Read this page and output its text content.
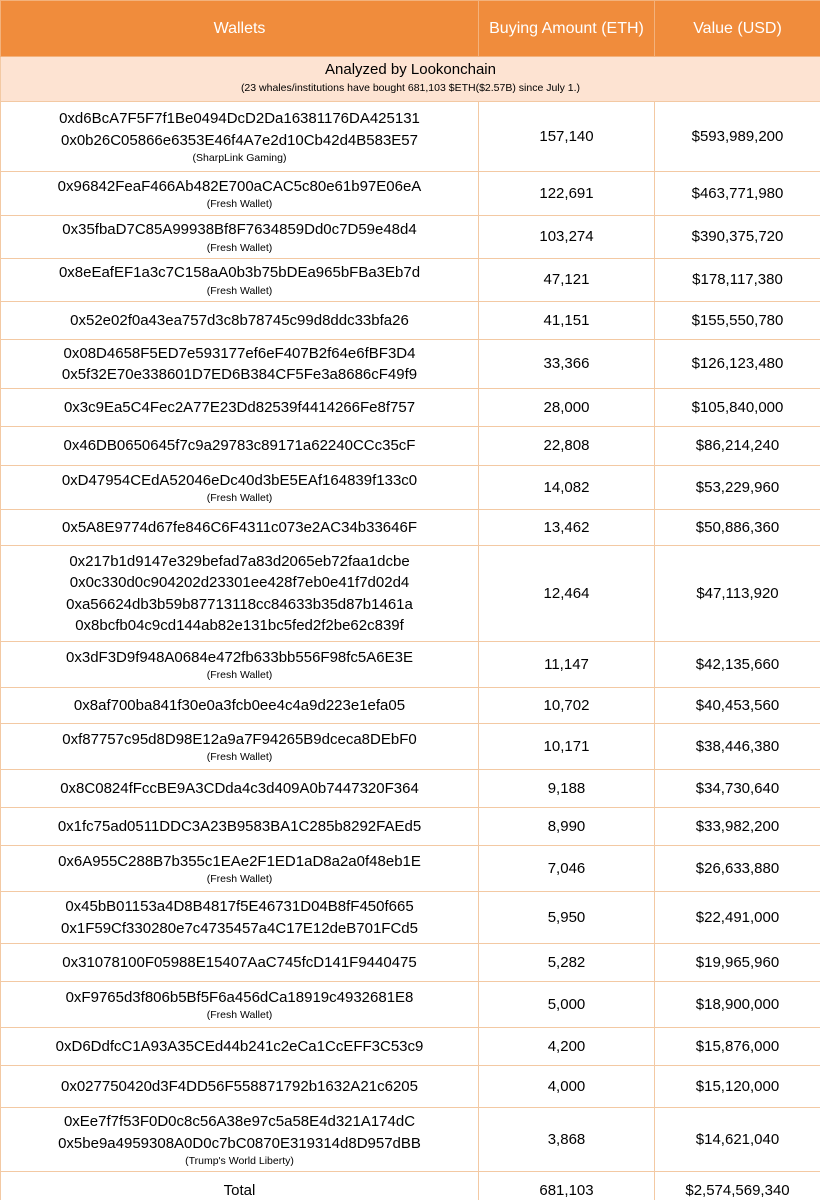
Wallets	Buying Amount (ETH)	Value (USD)

Analyzed by Lookonchain
(23 whales/institutions have bought 681,103 $ETH($2.57B) since July 1.)		

0xd6BcA7F5F7f1Be0494DcD2Da16381176DA425131
0x0b26C05866e6353E46f4A7e2d10Cb42d4B583E57
(SharpLink Gaming)	157,140	$593,989,200

0x96842FeaF466Ab482E700aCAC5c80e61b97E06eA
(Fresh Wallet)	122,691	$463,771,980

0x35fbaD7C85A99938Bf8F7634859Dd0c7D59e48d4
(Fresh Wallet)	103,274	$390,375,720

0x8eEafEF1a3c7C158aA0b3b75bDEa965bFBa3Eb7d
(Fresh Wallet)	47,121	$178,117,380

0x52e02f0a43ea757d3c8b78745c99d8ddc33bfa26	41,151	$155,550,780

0x08D4658F5ED7e593177ef6eF407B2f64e6fBF3D4
0x5f32E70e338601D7ED6B384CF5Fe3a8686cF49f9	33,366	$126,123,480

0x3c9Ea5C4Fec2A77E23Dd82539f4414266Fe8f757	28,000	$105,840,000

0x46DB0650645f7c9a29783c89171a62240CCc35cF	22,808	$86,214,240

0xD47954CEdA52046eDc40d3bE5EAf164839f133c0
(Fresh Wallet)	14,082	$53,229,960

0x5A8E9774d67fe846C6F4311c073e2AC34b33646F	13,462	$50,886,360

0x217b1d9147e329befad7a83d2065eb72faa1dcbe
0x0c330d0c904202d23301ee428f7eb0e41f7d02d4
0xa56624db3b59b87713118cc84633b35d87b1461a
0x8bcfb04c9cd144ab82e131bc5fed2f2be62c839f	12,464	$47,113,920

0x3dF3D9f948A0684e472fb633bb556F98fc5A6E3E
(Fresh Wallet)	11,147	$42,135,660

0x8af700ba841f30e0a3fcb0ee4c4a9d223e1efa05	10,702	$40,453,560

0xf87757c95d8D98E12a9a7F94265B9dceca8DEbF0
(Fresh Wallet)	10,171	$38,446,380

0x8C0824fFccBE9A3CDda4c3d409A0b7447320F364	9,188	$34,730,640

0x1fc75ad0511DDC3A23B9583BA1C285b8292FAEd5	8,990	$33,982,200

0x6A955C288B7b355c1EAe2F1ED1aD8a2a0f48eb1E
(Fresh Wallet)	7,046	$26,633,880

0x45bB01153a4D8B4817f5E46731D04B8fF450f665
0x1F59Cf330280e7c4735457a4C17E12deB701FCd5	5,950	$22,491,000

0x31078100F05988E15407AaC745fcD141F9440475	5,282	$19,965,960

0xF9765d3f806b5Bf5F6a456dCa18919c4932681E8
(Fresh Wallet)	5,000	$18,900,000

0xD6DdfcC1A93A35CEd44b241c2eCa1CcEFF3C53c9	4,200	$15,876,000

0x027750420d3F4DD56F558871792b1632A21c6205	4,000	$15,120,000

0xEe7f7f53F0D0c8c56A38e97c5a58E4d321A174dC
0x5be9a4959308A0D0c7bC0870E319314d8D957dBB
(Trump's World Liberty)	3,868	$14,621,040
Total	681,103	$2,574,569,340
